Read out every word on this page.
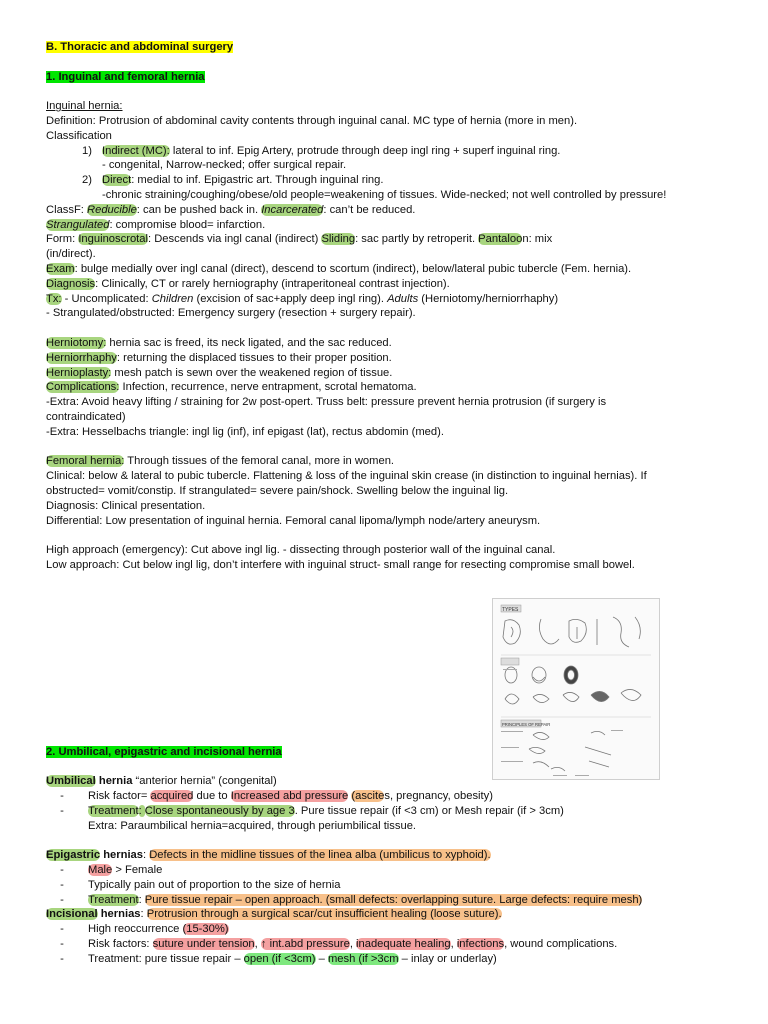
B. Thoracic and abdominal surgery
1. Inguinal and femoral hernia
Inguinal hernia:
Definition: Protrusion of abdominal cavity contents through inguinal canal. MC type of hernia (more in men).
Classification
1) Indirect (MC): lateral to inf. Epig Artery, protrude through deep ingl ring + superf inguinal ring.
- congenital, Narrow-necked; offer surgical repair.
2) Direct: medial to inf. Epigastric art. Through inguinal ring.
-chronic straining/coughing/obese/old people=weakening of tissues. Wide-necked; not well controlled by pressure!
ClassF: Reducible: can be pushed back in. Incarcerated: can’t be reduced.
Strangulated: compromise blood= infarction.
Form: Inguinoscrotal: Descends via ingl canal (indirect) Sliding: sac partly by retroperit. Pantaloon: mix
(in/direct).
Exam: bulge medially over ingl canal (direct), descend to scortum (indirect), below/lateral pubic tubercle (Fem. hernia).
Diagnosis: Clinically, CT or rarely herniography (intraperitoneal contrast injection).
Tx: - Uncomplicated: Children (excision of sac+apply deep ingl ring). Adults (Herniotomy/herniorrhaphy)
- Strangulated/obstructed: Emergency surgery (resection + surgery repair).
Herniotomy: hernia sac is freed, its neck ligated, and the sac reduced.
Herniorrhaphy: returning the displaced tissues to their proper position.
Hernioplasty: mesh patch is sewn over the weakened region of tissue.
Complications: Infection, recurrence, nerve entrapment, scrotal hematoma.
-Extra: Avoid heavy lifting / straining for 2w post-opert. Truss belt: pressure prevent hernia protrusion (if surgery is
contraindicated)
-Extra: Hesselbachs triangle: ingl lig (inf), inf epigast (lat), rectus abdomin (med).
Femoral hernia: Through tissues of the femoral canal, more in women.
Clinical: below & lateral to pubic tubercle. Flattening & loss of the inguinal skin crease (in distinction to inguinal hernias). If
obstructed= vomit/constip. If strangulated= severe pain/shock. Swelling below the inguinal lig.
Diagnosis: Clinical presentation.
Differential: Low presentation of inguinal hernia. Femoral canal lipoma/lymph node/artery aneurysm.
High approach (emergency): Cut above ingl lig. - dissecting through posterior wall of the inguinal canal.
Low approach: Cut below ingl lig, don’t interfere with inguinal struct- small range for resecting compromise small bowel.
2. Umbilical, epigastric and incisional hernia
Umbilical hernia “anterior hernia” (congenital)
- Risk factor= acquired due to Increased abd pressure (ascites, pregnancy, obesity)
- Treatment: Close spontaneously by age 3. Pure tissue repair (if <3 cm) or Mesh repair (if > 3cm)
Extra: Paraumbilical hernia=acquired, through periumbilical tissue.
Epigastric hernias: Defects in the midline tissues of the linea alba (umbilicus to xyphoid).
- Male > Female
- Typically pain out of proportion to the size of hernia
- Treatment: Pure tissue repair – open approach. (small defects: overlapping suture. Large defects: require mesh)
Incisional hernias: Protrusion through a surgical scar/cut insufficient healing (loose suture).
- High reoccurrence (15-30%)
- Risk factors: suture under tension, ↑ int.abd pressure, inadequate healing, infections, wound complications.
- Treatment: pure tissue repair – open (if <3cm) – mesh (if >3cm – inlay or underlay)
TYPES
PRINCIPLES OF REPAIR
